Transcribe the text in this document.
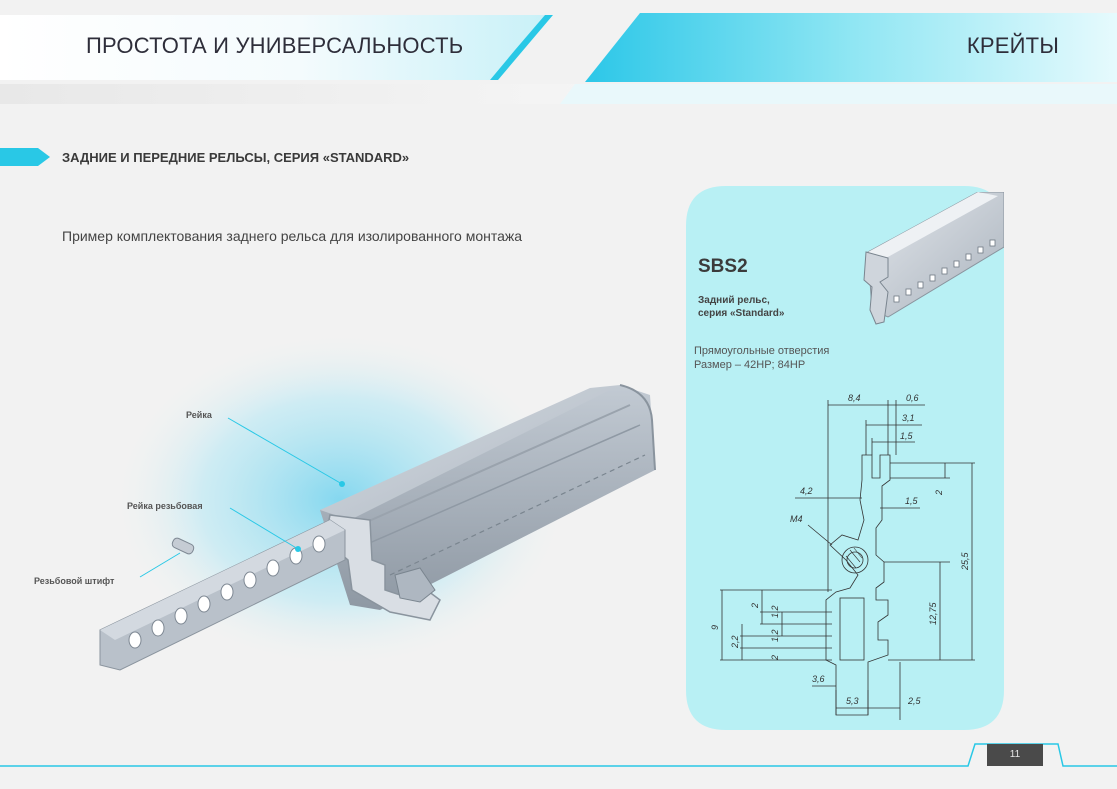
ПРОСТОТА И УНИВЕРСАЛЬНОСТЬ	КРЕЙТЫ
ЗАДНИЕ И ПЕРЕДНИЕ РЕЛЬСЫ, СЕРИЯ «STANDARD»
Пример комплектования заднего рельса для изолированного монтажа
Рейка
Рейка резьбовая
Резьбовой штифт
SBS2
Задний рельс,
серия «Standard»
Прямоугольные отверстия
Размер – 42HP; 84HP
8,4	0,6
3,1
1,5
4,2
1,5
2
M4
25,5
12,75
9
2 1,2
1,2
2,2
2
3,6
5,3	2,5
11
